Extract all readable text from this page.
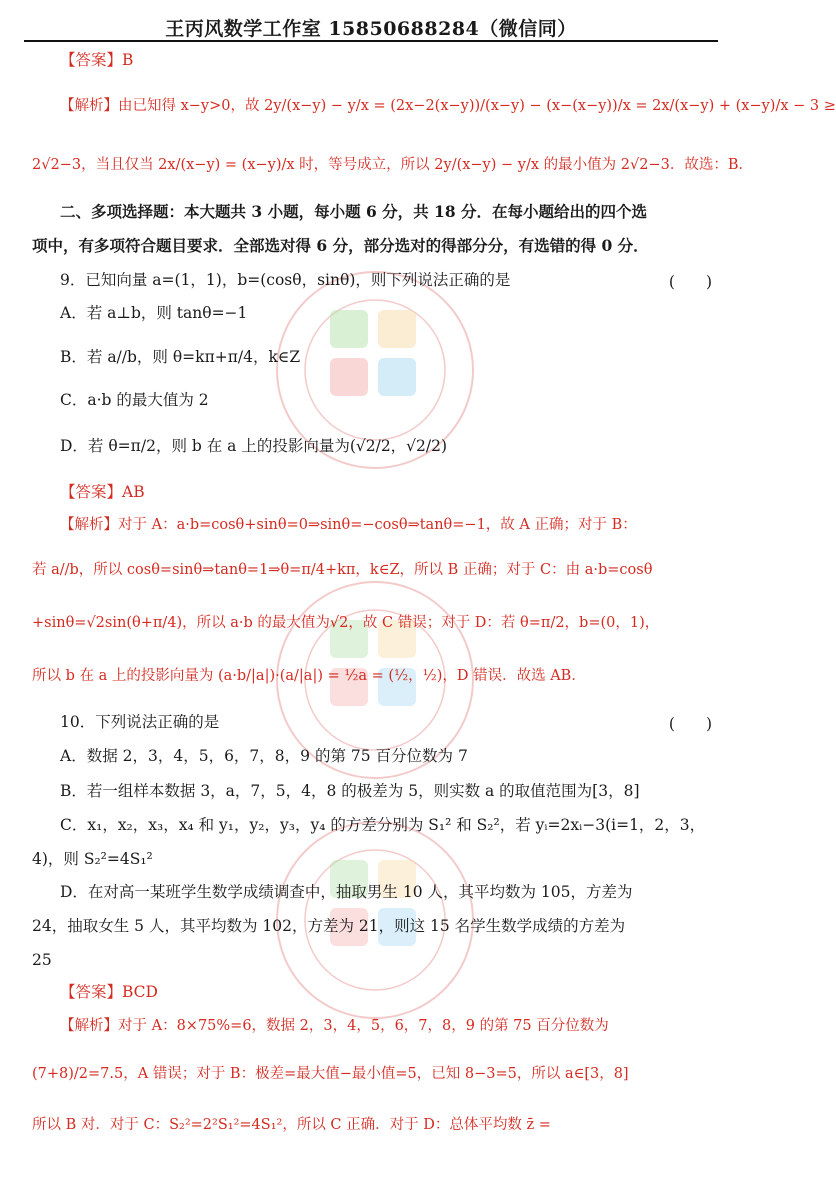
王丙风数学工作室 15850688284（微信同）
【答案】B
【解析】由已知得 x−y>0，故 2y/(x−y) − y/x = (2x−2(x−y))/(x−y) − (x−(x−y))/x = 2x/(x−y) + (x−y)/x − 3 ≥
2√2−3，当且仅当 2x/(x−y) = (x−y)/x 时，等号成立，所以 2y/(x−y) − y/x 的最小值为 2√2−3．故选：B．
二、多项选择题：本大题共 3 小题，每小题 6 分，共 18 分．在每小题给出的四个选
项中，有多项符合题目要求．全部选对得 6 分，部分选对的得部分分，有选错的得 0 分．
9．已知向量 a=(1，1)，b=(cosθ，sinθ)，则下列说法正确的是	(　　)
A．若 a⊥b，则 tanθ=−1
B．若 a//b，则 θ=kπ+π/4，k∈Z
C．a·b 的最大值为 2
D．若 θ=π/2，则 b 在 a 上的投影向量为(√2/2，√2/2)
【答案】AB
【解析】对于 A：a·b=cosθ+sinθ=0⇒sinθ=−cosθ⇒tanθ=−1，故 A 正确；对于 B：
若 a//b，所以 cosθ=sinθ⇒tanθ=1⇒θ=π/4+kπ，k∈Z，所以 B 正确；对于 C：由 a·b=cosθ
+sinθ=√2sin(θ+π/4)，所以 a·b 的最大值为√2，故 C 错误；对于 D：若 θ=π/2，b=(0，1)，
所以 b 在 a 上的投影向量为 (a·b/|a|)·(a/|a|) = ½a = (½，½)，D 错误．故选 AB．
10．下列说法正确的是	(　　)
A．数据 2，3，4，5，6，7，8，9 的第 75 百分位数为 7
B．若一组样本数据 3，a，7，5，4，8 的极差为 5，则实数 a 的取值范围为[3，8]
C．x₁，x₂，x₃，x₄ 和 y₁，y₂，y₃，y₄ 的方差分别为 S₁² 和 S₂²，若 yᵢ=2xᵢ−3(i=1，2，3，
4)，则 S₂²=4S₁²
D．在对高一某班学生数学成绩调查中，抽取男生 10 人，其平均数为 105，方差为
24，抽取女生 5 人，其平均数为 102，方差为 21，则这 15 名学生数学成绩的方差为
25
【答案】BCD
【解析】对于 A：8×75%=6，数据 2，3，4，5，6，7，8，9 的第 75 百分位数为
(7+8)/2=7.5，A 错误；对于 B：极差=最大值−最小值=5，已知 8−3=5，所以 a∈[3，8]
所以 B 对．对于 C：S₂²=2²S₁²=4S₁²，所以 C 正确．对于 D：总体平均数 z̄ =
